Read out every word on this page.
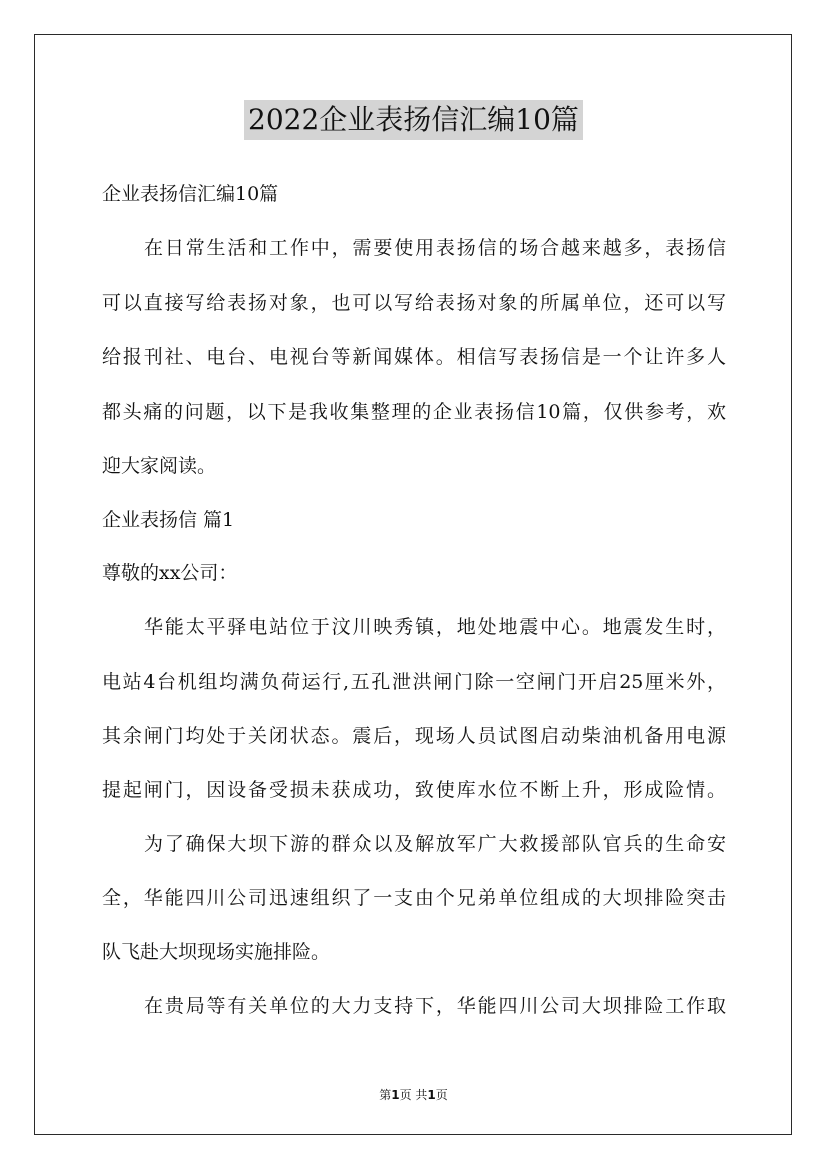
2022企业表扬信汇编10篇
企业表扬信汇编10篇
在日常生活和工作中，需要使用表扬信的场合越来越多，表扬信
可以直接写给表扬对象，也可以写给表扬对象的所属单位，还可以写
给报刊社、电台、电视台等新闻媒体。相信写表扬信是一个让许多人
都头痛的问题，以下是我收集整理的企业表扬信10篇，仅供参考，欢
迎大家阅读。
企业表扬信 篇1
尊敬的xx公司：
华能太平驿电站位于汶川映秀镇，地处地震中心。地震发生时，
电站4台机组均满负荷运行,五孔泄洪闸门除一空闸门开启25厘米外，
其余闸门均处于关闭状态。震后，现场人员试图启动柴油机备用电源
提起闸门，因设备受损未获成功，致使库水位不断上升，形成险情。
为了确保大坝下游的群众以及解放军广大救援部队官兵的生命安
全，华能四川公司迅速组织了一支由个兄弟单位组成的大坝排险突击
队飞赴大坝现场实施排险。
在贵局等有关单位的大力支持下，华能四川公司大坝排险工作取
第1页 共1页
